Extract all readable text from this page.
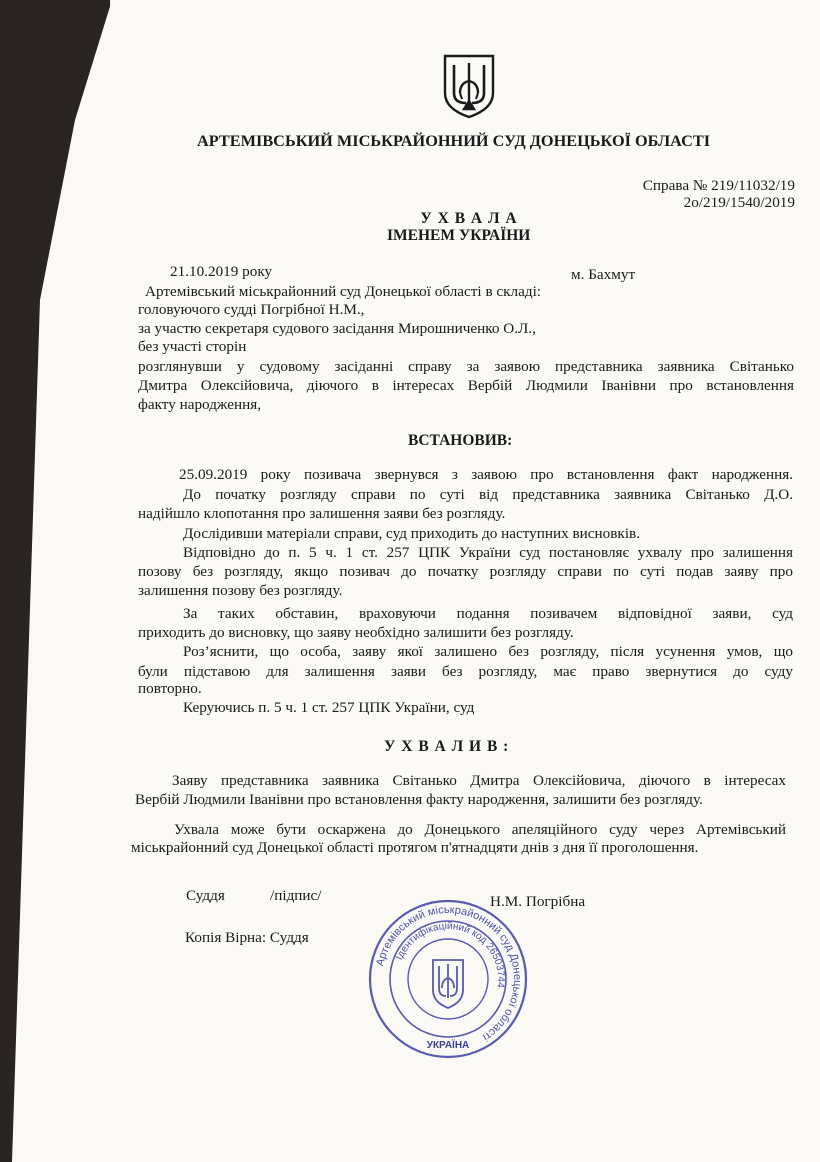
АРТЕМІВСЬКИЙ МІСЬКРАЙОННИЙ СУД ДОНЕЦЬКОЇ ОБЛАСТІ
Справа № 219/11032/19
2о/219/1540/2019
У Х В А Л А
ІМЕНЕМ УКРАЇНИ
21.10.2019 року	м. Бахмут
Артемівський міськрайонний суд Донецької області в складі:
головуючого судді Погрібної Н.М.,
за участю секретаря судового засідання Мирошниченко О.Л.,
без участі сторін
розглянувши у судовому засіданні справу за заявою представника заявника Світанько
Дмитра Олексійовича, діючого в інтересах Вербій Людмили Іванівни про встановлення
факту народження,
ВСТАНОВИВ:
25.09.2019 року позивача звернувся з заявою про встановлення факт народження.
До початку розгляду справи по суті від представника заявника Світанько Д.О.
надійшло клопотання про залишення заяви без розгляду.
Дослідивши матеріали справи, суд приходить до наступних висновків.
Відповідно до п. 5 ч. 1 ст. 257 ЦПК України суд постановляє ухвалу про залишення
позову без розгляду, якщо позивач до початку розгляду справи по суті подав заяву про
залишення позову без розгляду.
За таких обставин, враховуючи подання позивачем відповідної заяви, суд
приходить до висновку, що заяву необхідно залишити без розгляду.
Роз’яснити, що особа, заяву якої залишено без розгляду, після усунення умов, що
були підставою для залишення заяви без розгляду, має право звернутися до суду
повторно.
Керуючись п. 5 ч. 1 ст. 257 ЦПК України, суд
У Х В А Л И В :
Заяву представника заявника Світанько Дмитра Олексійовича, діючого в інтересах
Вербій Людмили Іванівни про встановлення факту народження, залишити без розгляду.
Ухвала може бути оскаржена до Донецького апеляційного суду через Артемівський
міськрайонний суд Донецької області протягом п'ятнадцяти днів з дня її проголошення.
Суддя	/підпис/	Н.М. Погрібна
Копія Вірна: Суддя
Артемівський міськрайонний суд Донецької області
Ідентифікаційний код 26503744
УКРАЇНА
